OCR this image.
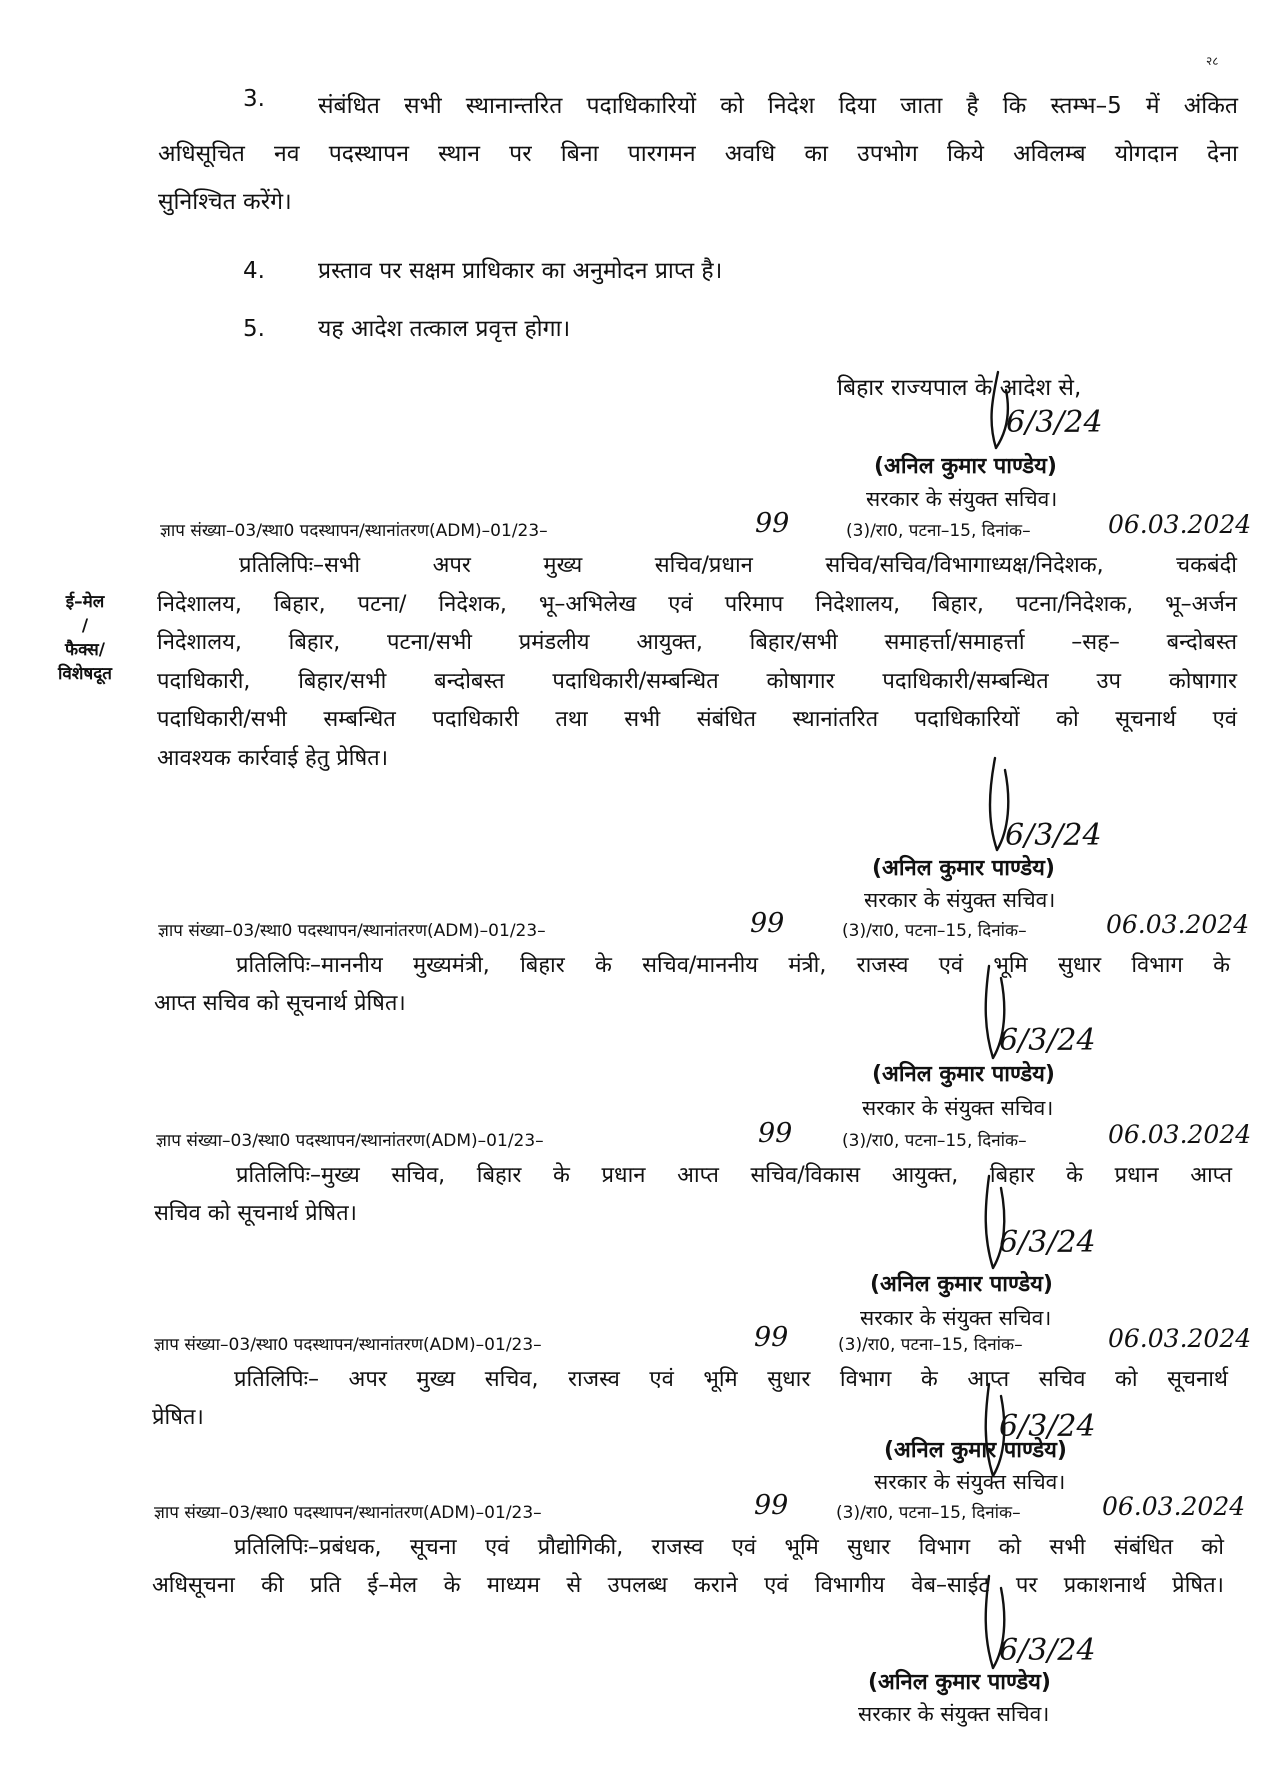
२८
3.	संबंधित सभी स्थानान्तरित पदाधिकारियों को निदेश दिया जाता है कि स्तम्भ–5 में अंकित
अधिसूचित नव पदस्थापन स्थान पर बिना पारगमन अवधि का उपभोग किये अविलम्ब योगदान देना
सुनिश्चित करेंगे।
4. प्रस्ताव पर सक्षम प्राधिकार का अनुमोदन प्राप्त है।
5. यह आदेश तत्काल प्रवृत्त होगा।
बिहार राज्यपाल के आदेश से,
6/3/24
(अनिल कुमार पाण्डेय)
सरकार के संयुक्त सचिव।
ई–मेल
/
फैक्स/
विशेषदूत
ज्ञाप संख्या–03/स्था0 पदस्थापन/स्थानांतरण(ADM)–01/23–	99	(3)/रा0, पटना–15, दिनांक–	06.03.2024
प्रतिलिपिः–सभी अपर मुख्य सचिव/प्रधान सचिव/सचिव/विभागाध्यक्ष/निदेशक, चकबंदी
निदेशालय, बिहार, पटना/ निदेशक, भू–अभिलेख एवं परिमाप निदेशालय, बिहार, पटना/निदेशक, भू–अर्जन
निदेशालय, बिहार, पटना/सभी प्रमंडलीय आयुक्त, बिहार/सभी समाहर्त्ता/समाहर्त्ता –सह– बन्दोबस्त
पदाधिकारी, बिहार/सभी बन्दोबस्त पदाधिकारी/सम्बन्धित कोषागार पदाधिकारी/सम्बन्धित उप कोषागार
पदाधिकारी/सभी सम्बन्धित पदाधिकारी तथा सभी संबंधित स्थानांतरित पदाधिकारियों को सूचनार्थ एवं
आवश्यक कार्रवाई हेतु प्रेषित।
6/3/24
(अनिल कुमार पाण्डेय)
सरकार के संयुक्त सचिव।
ज्ञाप संख्या–03/स्था0 पदस्थापन/स्थानांतरण(ADM)–01/23–	99	(3)/रा0, पटना–15, दिनांक–	06.03.2024
प्रतिलिपिः–माननीय मुख्यमंत्री, बिहार के सचिव/माननीय मंत्री, राजस्व एवं भूमि सुधार विभाग के
आप्त सचिव को सूचनार्थ प्रेषित।
6/3/24
(अनिल कुमार पाण्डेय)
सरकार के संयुक्त सचिव।
ज्ञाप संख्या–03/स्था0 पदस्थापन/स्थानांतरण(ADM)–01/23–	99	(3)/रा0, पटना–15, दिनांक–	06.03.2024
प्रतिलिपिः–मुख्य सचिव, बिहार के प्रधान आप्त सचिव/विकास आयुक्त, बिहार के प्रधान आप्त
सचिव को सूचनार्थ प्रेषित।
6/3/24
(अनिल कुमार पाण्डेय)
सरकार के संयुक्त सचिव।
ज्ञाप संख्या–03/स्था0 पदस्थापन/स्थानांतरण(ADM)–01/23–	99	(3)/रा0, पटना–15, दिनांक–	06.03.2024
प्रतिलिपिः– अपर मुख्य सचिव, राजस्व एवं भूमि सुधार विभाग के आप्त सचिव को सूचनार्थ
प्रेषित।	6/3/24
(अनिल कुमार पाण्डेय)
सरकार के संयुक्त सचिव।
ज्ञाप संख्या–03/स्था0 पदस्थापन/स्थानांतरण(ADM)–01/23–	99	(3)/रा0, पटना–15, दिनांक–	06.03.2024
प्रतिलिपिः–प्रबंधक, सूचना एवं प्रौद्योगिकी, राजस्व एवं भूमि सुधार विभाग को सभी संबंधित को
अधिसूचना की प्रति ई–मेल के माध्यम से उपलब्ध कराने एवं विभागीय वेब–साईट पर प्रकाशनार्थ प्रेषित।
6/3/24
(अनिल कुमार पाण्डेय)
सरकार के संयुक्त सचिव।
